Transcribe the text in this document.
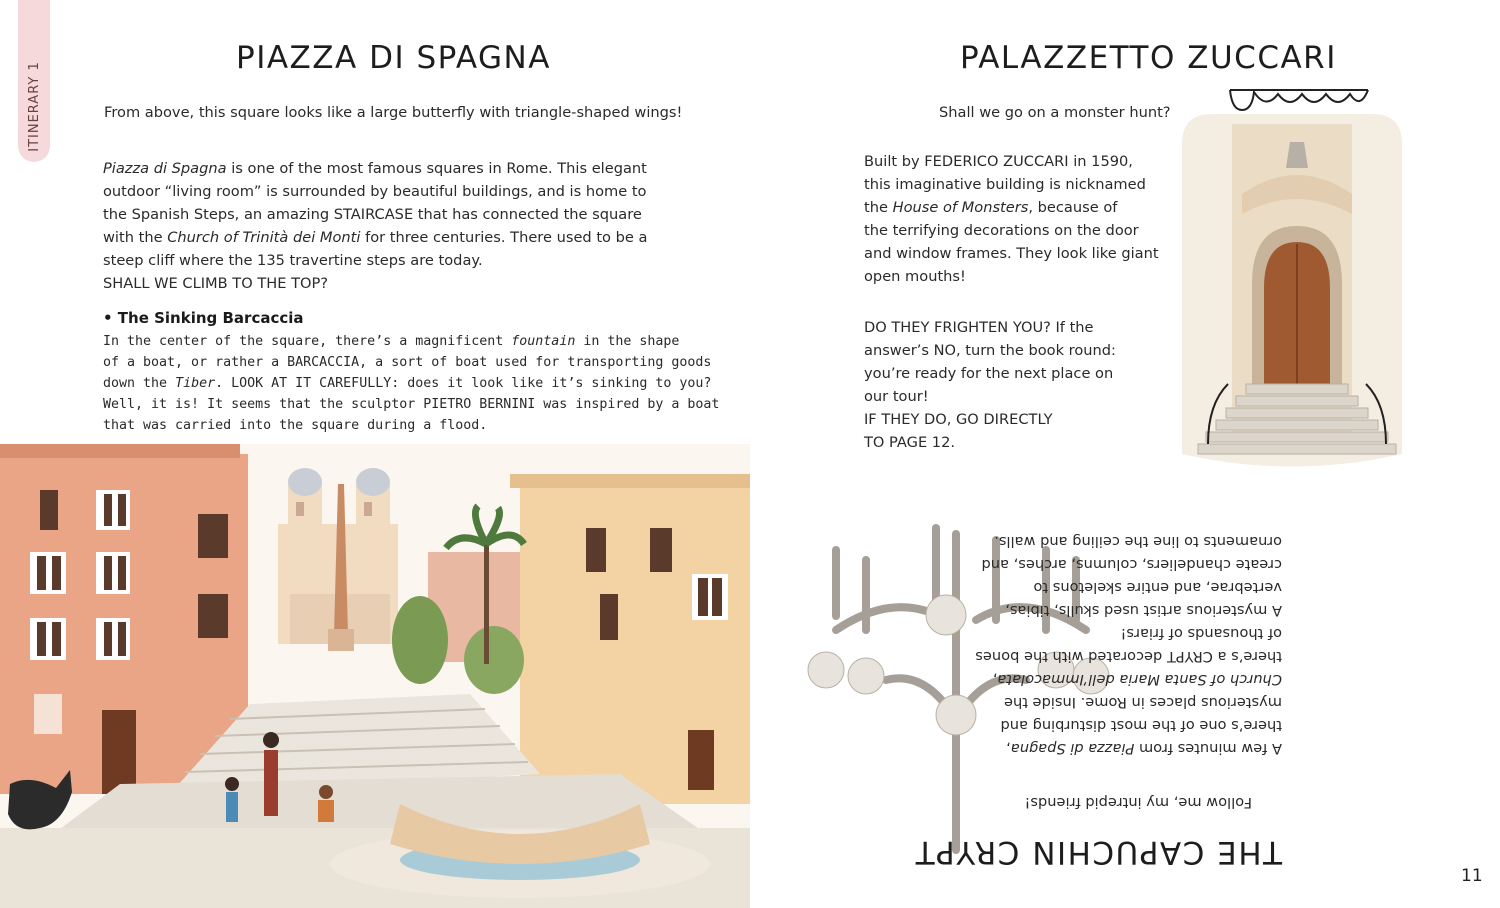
ITINERARY 1
PIAZZA DI SPAGNA
From above, this square looks like a large butterfly with triangle-shaped wings!
Piazza di Spagna is one of the most famous squares in Rome. This elegant
outdoor “living room” is surrounded by beautiful buildings, and is home to
the Spanish Steps, an amazing STAIRCASE that has connected the square
with the Church of Trinità dei Monti for three centuries. There used to be a
steep cliff where the 135 travertine steps are today.
SHALL WE CLIMB TO THE TOP?
• The Sinking Barcaccia
In the center of the square, there’s a magnificent fountain in the shape
of a boat, or rather a BARCACCIA, a sort of boat used for transporting goods
down the Tiber. LOOK AT IT CAREFULLY: does it look like it’s sinking to you?
Well, it is! It seems that the sculptor PIETRO BERNINI was inspired by a boat
that was carried into the square during a flood.
PALAZZETTO ZUCCARI
Shall we go on a monster hunt?
Built by FEDERICO ZUCCARI in 1590,
this imaginative building is nicknamed
the House of Monsters, because of
the terrifying decorations on the door
and window frames. They look like giant
open mouths!
DO THEY FRIGHTEN YOU? If the
answer’s NO, turn the book round:
you’re ready for the next place on
our tour!
IF THEY DO, GO DIRECTLY
TO PAGE 12.
THE CAPUCHIN CRYPT
Follow me, my intrepid friends!
A few minutes from Piazza di Spagna,
there’s one of the most disturbing and
mysterious places in Rome. Inside the
Church of Santa Maria dell’Immacolata,
there’s a CRYPT decorated with the bones
of thousands of friars!
A mysterious artist used skulls, tibias,
vertebrae, and entire skeletons to
create chandeliers, columns, arches, and
ornaments to line the ceiling and walls.
11
